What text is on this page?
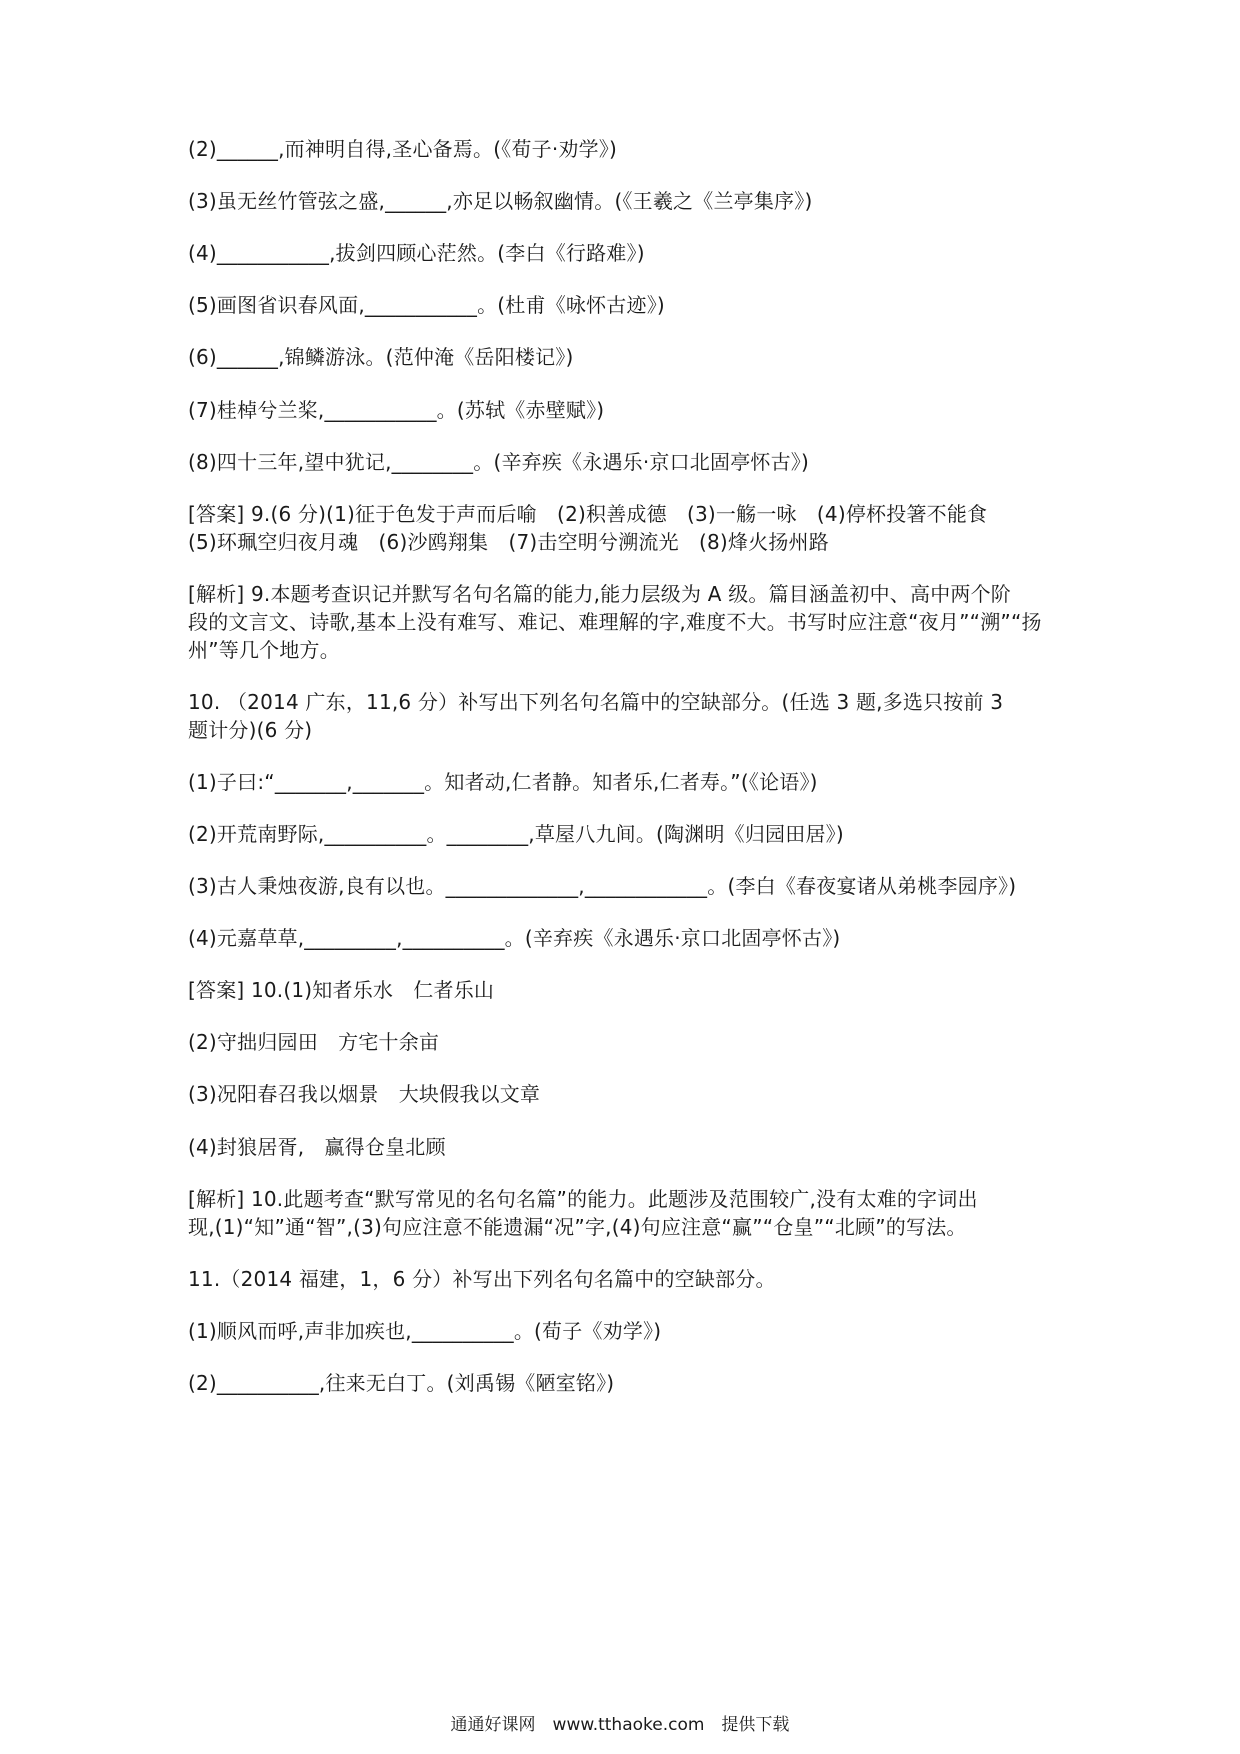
(2)______,而神明自得,圣心备焉。(《荀子·劝学》)
(3)虽无丝竹管弦之盛,______,亦足以畅叙幽情。(《王羲之《兰亭集序》)
(4)___________,拔剑四顾心茫然。(李白《行路难》)
(5)画图省识春风面,___________。(杜甫《咏怀古迹》)
(6)______,锦鳞游泳。(范仲淹《岳阳楼记》)
(7)桂棹兮兰桨,___________。(苏轼《赤壁赋》)
(8)四十三年,望中犹记,________。(辛弃疾《永遇乐·京口北固亭怀古》)
[答案] 9.(6 分)(1)征于色发于声而后喻　(2)积善成德　(3)一觞一咏　(4)停杯投箸不能食
(5)环珮空归夜月魂　(6)沙鸥翔集　(7)击空明兮溯流光　(8)烽火扬州路
[解析] 9.本题考查识记并默写名句名篇的能力,能力层级为 A 级。篇目涵盖初中、高中两个阶
段的文言文、诗歌,基本上没有难写、难记、难理解的字,难度不大。书写时应注意“夜月”“溯”“扬
州”等几个地方。
10. （2014 广东，11,6 分）补写出下列名句名篇中的空缺部分。(任选 3 题,多选只按前 3
题计分)(6 分)
(1)子曰:“_______,_______。知者动,仁者静。知者乐,仁者寿。”(《论语》)
(2)开荒南野际,__________。________,草屋八九间。(陶渊明《归园田居》)
(3)古人秉烛夜游,良有以也。_____________,____________。(李白《春夜宴诸从弟桃李园序》)
(4)元嘉草草,_________,__________。(辛弃疾《永遇乐·京口北固亭怀古》)
[答案] 10.(1)知者乐水　仁者乐山
(2)守拙归园田　方宅十余亩
(3)况阳春召我以烟景　大块假我以文章
(4)封狼居胥,　赢得仓皇北顾
[解析] 10.此题考查“默写常见的名句名篇”的能力。此题涉及范围较广,没有太难的字词出
现,(1)“知”通“智”,(3)句应注意不能遗漏“况”字,(4)句应注意“赢”“仓皇”“北顾”的写法。
11.（2014 福建，1，6 分）补写出下列名句名篇中的空缺部分。
(1)顺风而呼,声非加疾也,__________。(荀子《劝学》)
(2)__________,往来无白丁。(刘禹锡《陋室铭》)
通通好课网　www.tthaoke.com　提供下载
